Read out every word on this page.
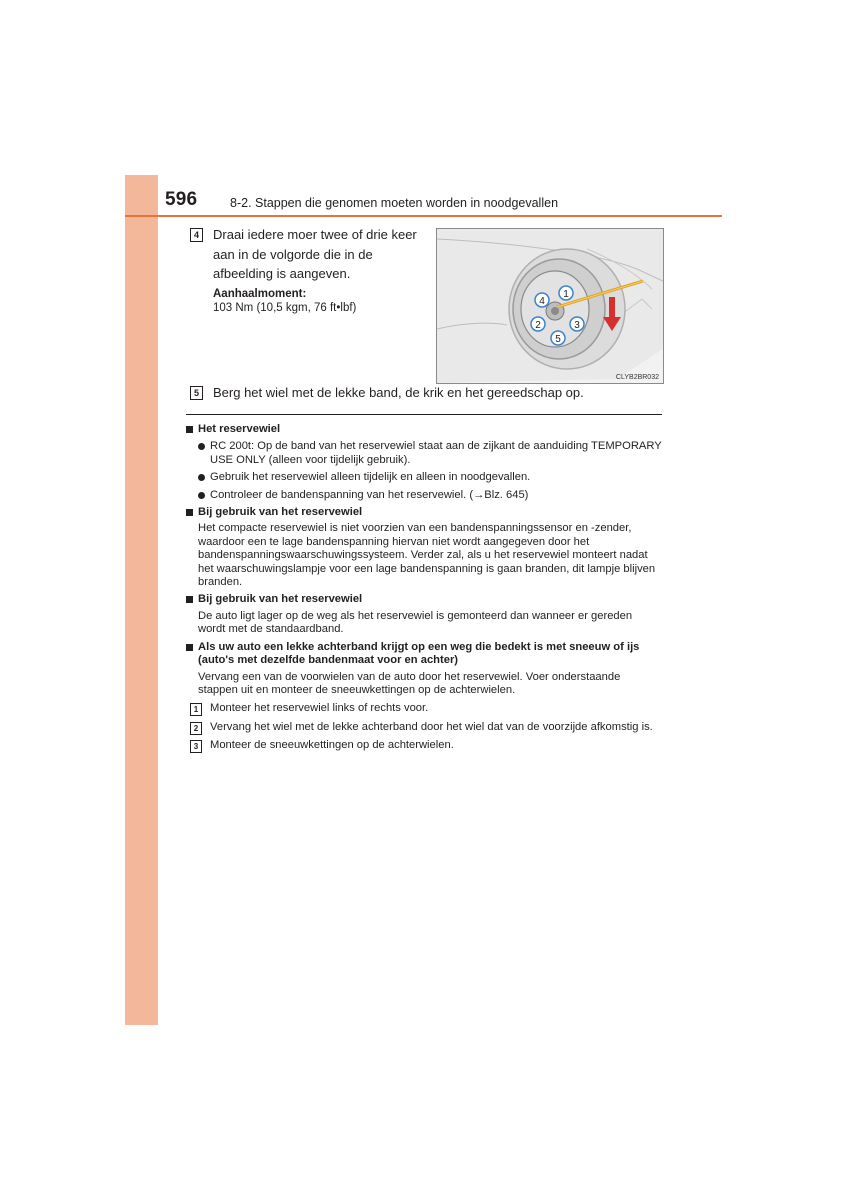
596	8-2. Stappen die genomen moeten worden in noodgevallen
4	Draai iedere moer twee of drie keer aan in de volgorde die in de afbeelding is aangeven.
Aanhaalmoment:
103 Nm (10,5 kgm, 76 ft•lbf)
1
2	3
4
5
CLYB2BR032
5	Berg het wiel met de lekke band, de krik en het gereedschap op.
Het reservewiel
RC 200t: Op de band van het reservewiel staat aan de zijkant de aanduiding TEMPORARY USE ONLY (alleen voor tijdelijk gebruik).
Gebruik het reservewiel alleen tijdelijk en alleen in noodgevallen.
Controleer de bandenspanning van het reservewiel. (→Blz. 645)
Bij gebruik van het reservewiel
Het compacte reservewiel is niet voorzien van een bandenspanningssensor en -zender, waardoor een te lage bandenspanning hiervan niet wordt aangegeven door het bandenspanningswaarschuwingssysteem. Verder zal, als u het reservewiel monteert nadat het waarschuwingslampje voor een lage bandenspanning is gaan branden, dit lampje blijven branden.
Bij gebruik van het reservewiel
De auto ligt lager op de weg als het reservewiel is gemonteerd dan wanneer er gereden wordt met de standaardband.
Als uw auto een lekke achterband krijgt op een weg die bedekt is met sneeuw of ijs (auto's met dezelfde bandenmaat voor en achter)
Vervang een van de voorwielen van de auto door het reservewiel. Voer onderstaande stappen uit en monteer de sneeuwkettingen op de achterwielen.
1	Monteer het reservewiel links of rechts voor.
2	Vervang het wiel met de lekke achterband door het wiel dat van de voorzijde afkomstig is.
3	Monteer de sneeuwkettingen op de achterwielen.
